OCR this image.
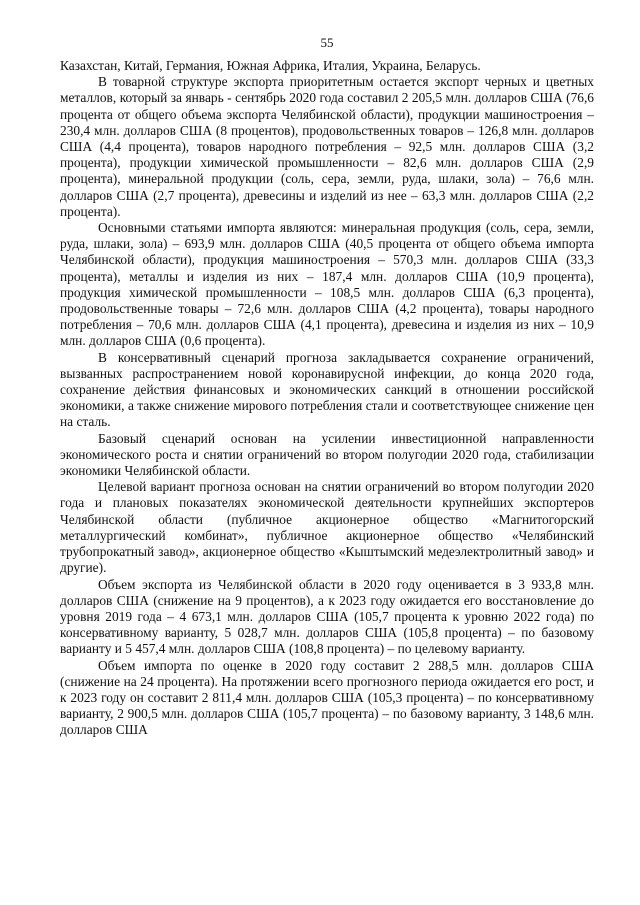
55

Казахстан, Китай, Германия, Южная Африка, Италия, Украина, Беларусь.

В товарной структуре экспорта приоритетным остается экспорт черных и цветных металлов, который за январь - сентябрь 2020 года составил 2 205,5 млн. долларов США (76,6 процента от общего объема экспорта Челябинской области), продукции машиностроения – 230,4 млн. долларов США (8 процентов), продовольственных товаров – 126,8 млн. долларов США (4,4 процента), товаров народного потребления – 92,5 млн. долларов США (3,2 процента), продукции химической промышленности – 82,6 млн. долларов США (2,9 процента), минеральной продукции (соль, сера, земли, руда, шлаки, зола) – 76,6 млн. долларов США (2,7 процента), древесины и изделий из нее – 63,3 млн. долларов США (2,2 процента).

Основными статьями импорта являются: минеральная продукция (соль, сера, земли, руда, шлаки, зола) – 693,9 млн. долларов США (40,5 процента от общего объема импорта Челябинской области), продукция машиностроения – 570,3 млн. долларов США (33,3 процента), металлы и изделия из них – 187,4 млн. долларов США (10,9 процента), продукция химической промышленности – 108,5 млн. долларов США (6,3 процента), продовольственные товары – 72,6 млн. долларов США (4,2 процента), товары народного потребления – 70,6 млн. долларов США (4,1 процента), древесина и изделия из них – 10,9 млн. долларов США (0,6 процента).

В консервативный сценарий прогноза закладывается сохранение ограничений, вызванных распространением новой коронавирусной инфекции, до конца 2020 года, сохранение действия финансовых и экономических санкций в отношении российской экономики, а также снижение мирового потребления стали и соответствующее снижение цен на сталь.

Базовый сценарий основан на усилении инвестиционной направленности экономического роста и снятии ограничений во втором полугодии 2020 года, стабилизации экономики Челябинской области.

Целевой вариант прогноза основан на снятии ограничений во втором полугодии 2020 года и плановых показателях экономической деятельности крупнейших экспортеров Челябинской области (публичное акционерное общество «Магнитогорский металлургический комбинат», публичное акционерное общество «Челябинский трубопрокатный завод», акционерное общество «Кыштымский медеэлектролитный завод» и другие).

Объем экспорта из Челябинской области в 2020 году оценивается в 3 933,8 млн. долларов США (снижение на 9 процентов), а к 2023 году ожидается его восстановление до уровня 2019 года – 4 673,1 млн. долларов США (105,7 процента к уровню 2022 года) по консервативному варианту, 5 028,7 млн. долларов США (105,8 процента) – по базовому варианту и 5 457,4 млн. долларов США (108,8 процента) – по целевому варианту.

Объем импорта по оценке в 2020 году составит 2 288,5 млн. долларов США (снижение на 24 процента). На протяжении всего прогнозного периода ожидается его рост, и к 2023 году он составит 2 811,4 млн. долларов США (105,3 процента) – по консервативному варианту, 2 900,5 млн. долларов США (105,7 процента) – по базовому варианту, 3 148,6 млн. долларов США
